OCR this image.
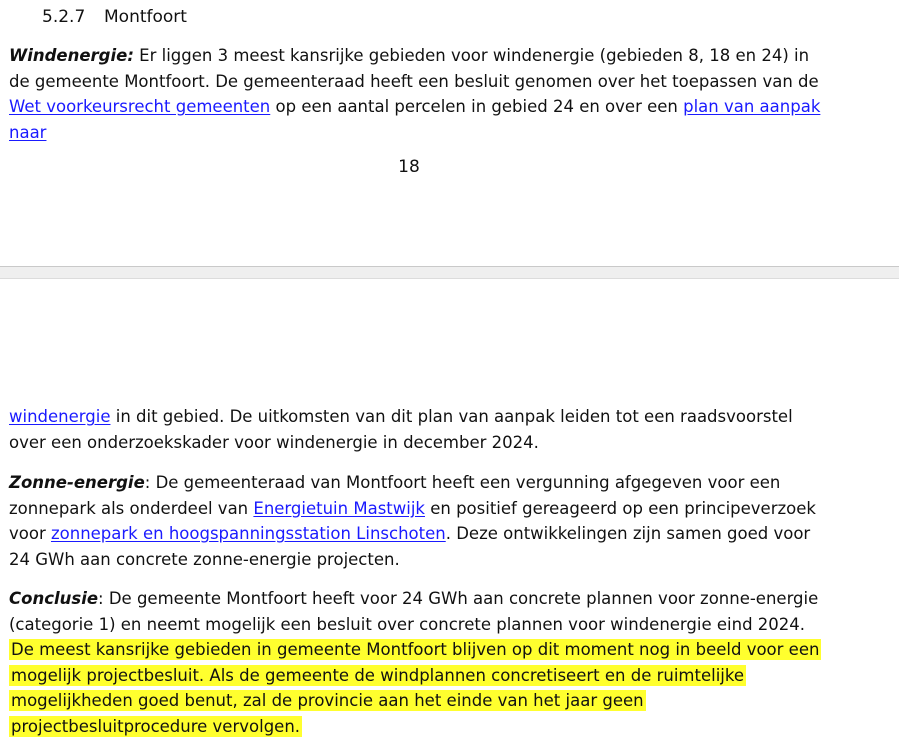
5.2.7 Montfoort

Windenergie: Er liggen 3 meest kansrijke gebieden voor windenergie (gebieden 8, 18 en 24) in de gemeente Montfoort. De gemeenteraad heeft een besluit genomen over het toepassen van de Wet voorkeursrecht gemeenten op een aantal percelen in gebied 24 en over een plan van aanpak naar

18

windenergie in dit gebied. De uitkomsten van dit plan van aanpak leiden tot een raadsvoorstel over een onderzoekskader voor windenergie in december 2024.

Zonne-energie: De gemeenteraad van Montfoort heeft een vergunning afgegeven voor een zonnepark als onderdeel van Energietuin Mastwijk en positief gereageerd op een principeverzoek voor zonnepark en hoogspanningsstation Linschoten. Deze ontwikkelingen zijn samen goed voor 24 GWh aan concrete zonne-energie projecten.

Conclusie: De gemeente Montfoort heeft voor 24 GWh aan concrete plannen voor zonne-energie (categorie 1) en neemt mogelijk een besluit over concrete plannen voor windenergie eind 2024. De meest kansrijke gebieden in gemeente Montfoort blijven op dit moment nog in beeld voor een mogelijk projectbesluit. Als de gemeente de windplannen concretiseert en de ruimtelijke mogelijkheden goed benut, zal de provincie aan het einde van het jaar geen projectbesluitprocedure vervolgen.
